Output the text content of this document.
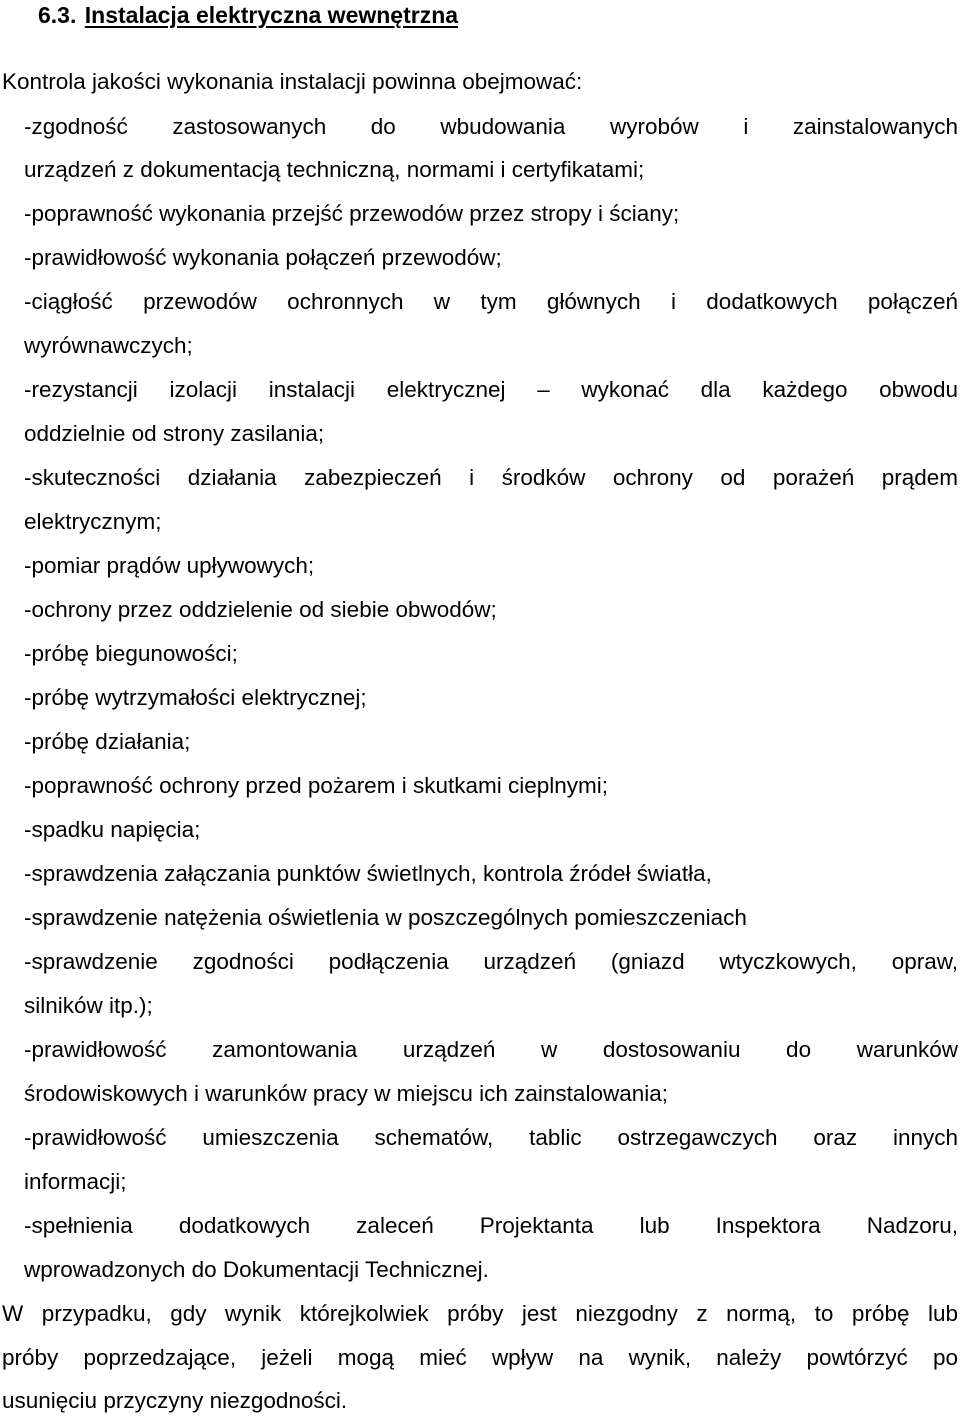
6.3. Instalacja elektryczna wewnętrzna
Kontrola jakości wykonania instalacji powinna obejmować:
-zgodność zastosowanych do wbudowania wyrobów i zainstalowanych
urządzeń z dokumentacją techniczną, normami i certyfikatami;
-poprawność wykonania przejść przewodów przez stropy i ściany;
-prawidłowość wykonania połączeń przewodów;
-ciągłość przewodów ochronnych w tym głównych i dodatkowych połączeń
wyrównawczych;
-rezystancji izolacji instalacji elektrycznej – wykonać dla każdego obwodu
oddzielnie od strony zasilania;
-skuteczności działania zabezpieczeń i środków ochrony od porażeń prądem
elektrycznym;
-pomiar prądów upływowych;
-ochrony przez oddzielenie od siebie obwodów;
-próbę biegunowości;
-próbę wytrzymałości elektrycznej;
-próbę działania;
-poprawność ochrony przed pożarem i skutkami cieplnymi;
-spadku napięcia;
-sprawdzenia załączania punktów świetlnych, kontrola źródeł światła,
-sprawdzenie natężenia oświetlenia w poszczególnych pomieszczeniach
-sprawdzenie zgodności podłączenia urządzeń (gniazd wtyczkowych, opraw,
silników itp.);
-prawidłowość zamontowania urządzeń w dostosowaniu do warunków
środowiskowych i warunków pracy w miejscu ich zainstalowania;
-prawidłowość umieszczenia schematów, tablic ostrzegawczych oraz innych
informacji;
-spełnienia dodatkowych zaleceń Projektanta lub Inspektora Nadzoru,
wprowadzonych do Dokumentacji Technicznej.
W przypadku, gdy wynik którejkolwiek próby jest niezgodny z normą, to próbę lub
próby poprzedzające, jeżeli mogą mieć wpływ na wynik, należy powtórzyć po
usunięciu przyczyny niezgodności.
